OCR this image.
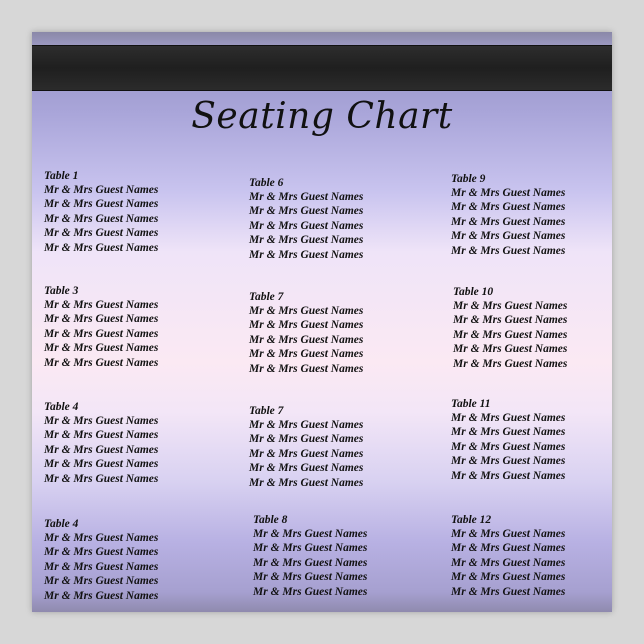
Seating Chart
Table 1
Mr & Mrs Guest Names
Mr & Mrs Guest Names
Mr & Mrs Guest Names
Mr & Mrs Guest Names
Mr & Mrs Guest Names
Table 6
Mr & Mrs Guest Names
Mr & Mrs Guest Names
Mr & Mrs Guest Names
Mr & Mrs Guest Names
Mr & Mrs Guest Names
Table 9
Mr & Mrs Guest Names
Mr & Mrs Guest Names
Mr & Mrs Guest Names
Mr & Mrs Guest Names
Mr & Mrs Guest Names
Table 3
Mr & Mrs Guest Names
Mr & Mrs Guest Names
Mr & Mrs Guest Names
Mr & Mrs Guest Names
Mr & Mrs Guest Names
Table 7
Mr & Mrs Guest Names
Mr & Mrs Guest Names
Mr & Mrs Guest Names
Mr & Mrs Guest Names
Mr & Mrs Guest Names
Table 10
Mr & Mrs Guest Names
Mr & Mrs Guest Names
Mr & Mrs Guest Names
Mr & Mrs Guest Names
Mr & Mrs Guest Names
Table 4
Mr & Mrs Guest Names
Mr & Mrs Guest Names
Mr & Mrs Guest Names
Mr & Mrs Guest Names
Mr & Mrs Guest Names
Table 7
Mr & Mrs Guest Names
Mr & Mrs Guest Names
Mr & Mrs Guest Names
Mr & Mrs Guest Names
Mr & Mrs Guest Names
Table 11
Mr & Mrs Guest Names
Mr & Mrs Guest Names
Mr & Mrs Guest Names
Mr & Mrs Guest Names
Mr & Mrs Guest Names
Table 4
Mr & Mrs Guest Names
Mr & Mrs Guest Names
Mr & Mrs Guest Names
Mr & Mrs Guest Names
Mr & Mrs Guest Names
Table 8
Mr & Mrs Guest Names
Mr & Mrs Guest Names
Mr & Mrs Guest Names
Mr & Mrs Guest Names
Mr & Mrs Guest Names
Table 12
Mr & Mrs Guest Names
Mr & Mrs Guest Names
Mr & Mrs Guest Names
Mr & Mrs Guest Names
Mr & Mrs Guest Names
